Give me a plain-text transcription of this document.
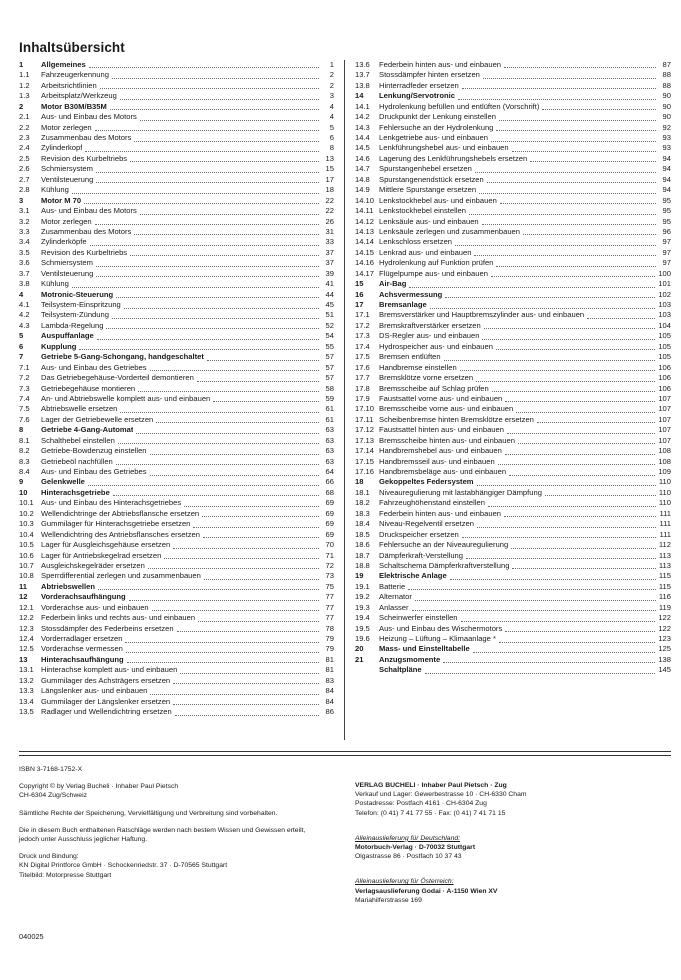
Inhaltsübersicht
1	Allgemeines	1
1.1	Fahrzeugerkennung	2
1.2	Arbeitsrichtlinien	2
1.3	Arbeitsplatz/Werkzeug	3
2	Motor B30M/B35M	4
2.1	Aus- und Einbau des Motors	4
2.2	Motor zerlegen	5
2.3	Zusammenbau des Motors	6
2.4	Zylinderkopf	8
2.5	Revision des Kurbeltriebs	13
2.6	Schmiersystem	15
2.7	Ventilsteuerung	17
2.8	Kühlung	18
3	Motor M 70	22
3.1	Aus- und Einbau des Motors	22
3.2	Motor zerlegen	26
3.3	Zusammenbau des Motors	31
3.4	Zylinderköpfe	33
3.5	Revision des Kurbeltriebs	37
3.6	Schmiersystem	37
3.7	Ventilsteuerung	39
3.8	Kühlung	41
4	Motronic-Steuerung	44
4.1	Teilsystem-Einspritzung	45
4.2	Teilsystem-Zündung	51
4.3	Lambda-Regelung	52
5	Auspuffanlage	54
6	Kupplung	55
7	Getriebe 5-Gang-Schongang, handgeschaltet	57
7.1	Aus- und Einbau des Getriebes	57
7.2	Das Getriebegehäuse-Vorderteil demontieren	57
7.3	Getriebegehäuse montieren	58
7.4	An- und Abtriebswelle komplett aus- und einbauen	59
7.5	Abtriebswelle ersetzen	61
7.6	Lager der Getriebewelle ersetzen	61
8	Getriebe 4-Gang-Automat	63
8.1	Schalthebel einstellen	63
8.2	Getriebe-Bowdenzug einstellen	63
8.3	Getriebeöl nachfüllen	63
8.4	Aus- und Einbau des Getriebes	64
9	Gelenkwelle	66
10	Hinterachsgetriebe	68
10.1 Aus- und Einbau des Hinterachsgetriebes	69
10.2 Wellendichtringe der Abtriebsflansche ersetzen	69
10.3 Gummilager für Hinterachsgetriebe ersetzen	69
10.4 Wellendichtring des Antriebsflansches ersetzen	69
10.5 Lager für Ausgleichsgehäuse ersetzen	70
10.6 Lager für Antriebskegelrad ersetzen	71
10.7 Ausgleichskegelräder ersetzen	72
10.8 Sperrdifferential zerlegen und zusammenbauen	73
11	Abtriebswellen	75
12	Vorderachsaufhängung	77
12.1 Vorderachse aus- und einbauen	77
12.2 Federbein links und rechts aus- und einbauen	77
12.3 Stossdämpfer des Federbeins ersetzen	78
12.4 Vorderradlager ersetzen	79
12.5 Vorderachse vermessen	79
13	Hinterachsaufhängung	81
13.1 Hinterachse komplett aus- und einbauen	81
13.2 Gummilager des Achsträgers ersetzen	83
13.3 Längslenker aus- und einbauen	84
13.4 Gummilager der Längslenker ersetzen	84
13.5 Radlager und Wellendichtring ersetzen	86
13.6	Federbein hinten aus- und einbauen	87
13.7	Stossdämpfer hinten ersetzen	88
13.8	Hinterradfeder ersetzen	88
14	Lenkung/Servotronic	90
14.1	Hydrolenkung befüllen und entlüften (Vorschrift)	90
14.2	Druckpunkt der Lenkung einstellen	90
14.3	Fehlersuche an der Hydrolenkung	92
14.4	Lenkgetriebe aus- und einbauen	93
14.5	Lenkführungshebel aus- und einbauen	93
14.6	Lagerung des Lenkführungshebels ersetzen	94
14.7	Spurstangenhebel ersetzen	94
14.8	Spurstangenendstück ersetzen	94
14.9	Mittlere Spurstange ersetzen	94
14.10 Lenkstockhebel aus- und einbauen	95
14.11 Lenkstockhebel einstellen	95
14.12 Lenksäule aus- und einbauen	95
14.13 Lenksäule zerlegen und zusammenbauen	96
14.14 Lenkschloss ersetzen	97
14.15 Lenkrad aus- und einbauen	97
14.16 Hydrolenkung auf Funktion prüfen	97
14.17 Flügelpumpe aus- und einbauen	100
15	Air-Bag	101
16	Achsvermessung	102
17	Bremsanlage	103
17.1	Bremsverstärker und Hauptbremszylinder aus- und einbauen	103
17.2	Bremskraftverstärker ersetzen	104
17.3	DS-Regler aus- und einbauen	105
17.4	Hydrospeicher aus- und einbauen	105
17.5	Bremsen entlüften	105
17.6	Handbremse einstellen	106
17.7	Bremsklötze vorne ersetzen	106
17.8	Bremsscheibe auf Schlag prüfen	106
17.9	Faustsattel vorne aus- und einbauen	107
17.10 Bremsscheibe vorne aus- und einbauen	107
17.11 Scheibenbremse hinten Bremsklötze ersetzen	107
17.12 Faustsattel hinten aus- und einbauen	107
17.13 Bremsscheibe hinten aus- und einbauen	107
17.14 Handbremshebel aus- und einbauen	108
17.15 Handbremsseil aus- und einbauen	108
17.16 Handbremsbeläge aus- und einbauen	109
18	Gekoppeltes Federsystem	110
18.1	Niveauregulierung mit lastabhängiger Dämpfung	110
18.2	Fahrzeughöhenstand einstellen	110
18.3	Federbein hinten aus- und einbauen	111
18.4	Niveau-Regelventil ersetzen	111
18.5	Druckspeicher ersetzen	111
18.6	Fehlersuche an der Niveauregulierung	112
18.7	Dämpferkraft-Verstellung	113
18.8	Schaltschema Dämpferkraftverstellung	113
19	Elektrische Anlage	115
19.1	Batterie	115
19.2	Alternator	116
19.3	Anlasser	119
19.4	Scheinwerfer einstellen	122
19.5	Aus- und Einbau des Wischermotors	122
19.6	Heizung – Lüftung – Klimaanlage *	123
20	Mass- und Einstelltabelle	125
21	Anzugsmomente	138
Schaltpläne	145
ISBN 3-7168-1752-X
Copyright © by Verlag Bucheli · Inhaber Paul Pietsch
CH-6304 Zug/Schweiz
Sämtliche Rechte der Speicherung, Vervielfältigung und Verbreitung sind vorbehalten.
Die in diesem Buch enthaltenen Ratschläge werden nach bestem Wissen und Gewissen erteilt,
jedoch unter Ausschluss jeglicher Haftung.
Druck und Bindung:
KN Digital Printforce GmbH · Schockenriedstr. 37 · D-70565 Stuttgart
Titelbild: Motorpresse Stuttgart
040025
VERLAG BUCHELI · Inhaber Paul Pietsch · Zug
Verkauf und Lager: Gewerbestrasse 10 · CH-6330 Cham
Postadresse: Postfach 4161 · CH-6304 Zug
Telefon: (0 41) 7 41 77 55 · Fax: (0 41) 7 41 71 15
Alleinauslieferung für Deutschland:
Motorbuch-Verlag · D-70032 Stuttgart
Olgastrasse 86 · Postfach 10 37 43
Alleinauslieferung für Österreich:
Verlagsauslieferung Godai · A-1150 Wien XV
Mariahilferstrasse 169
